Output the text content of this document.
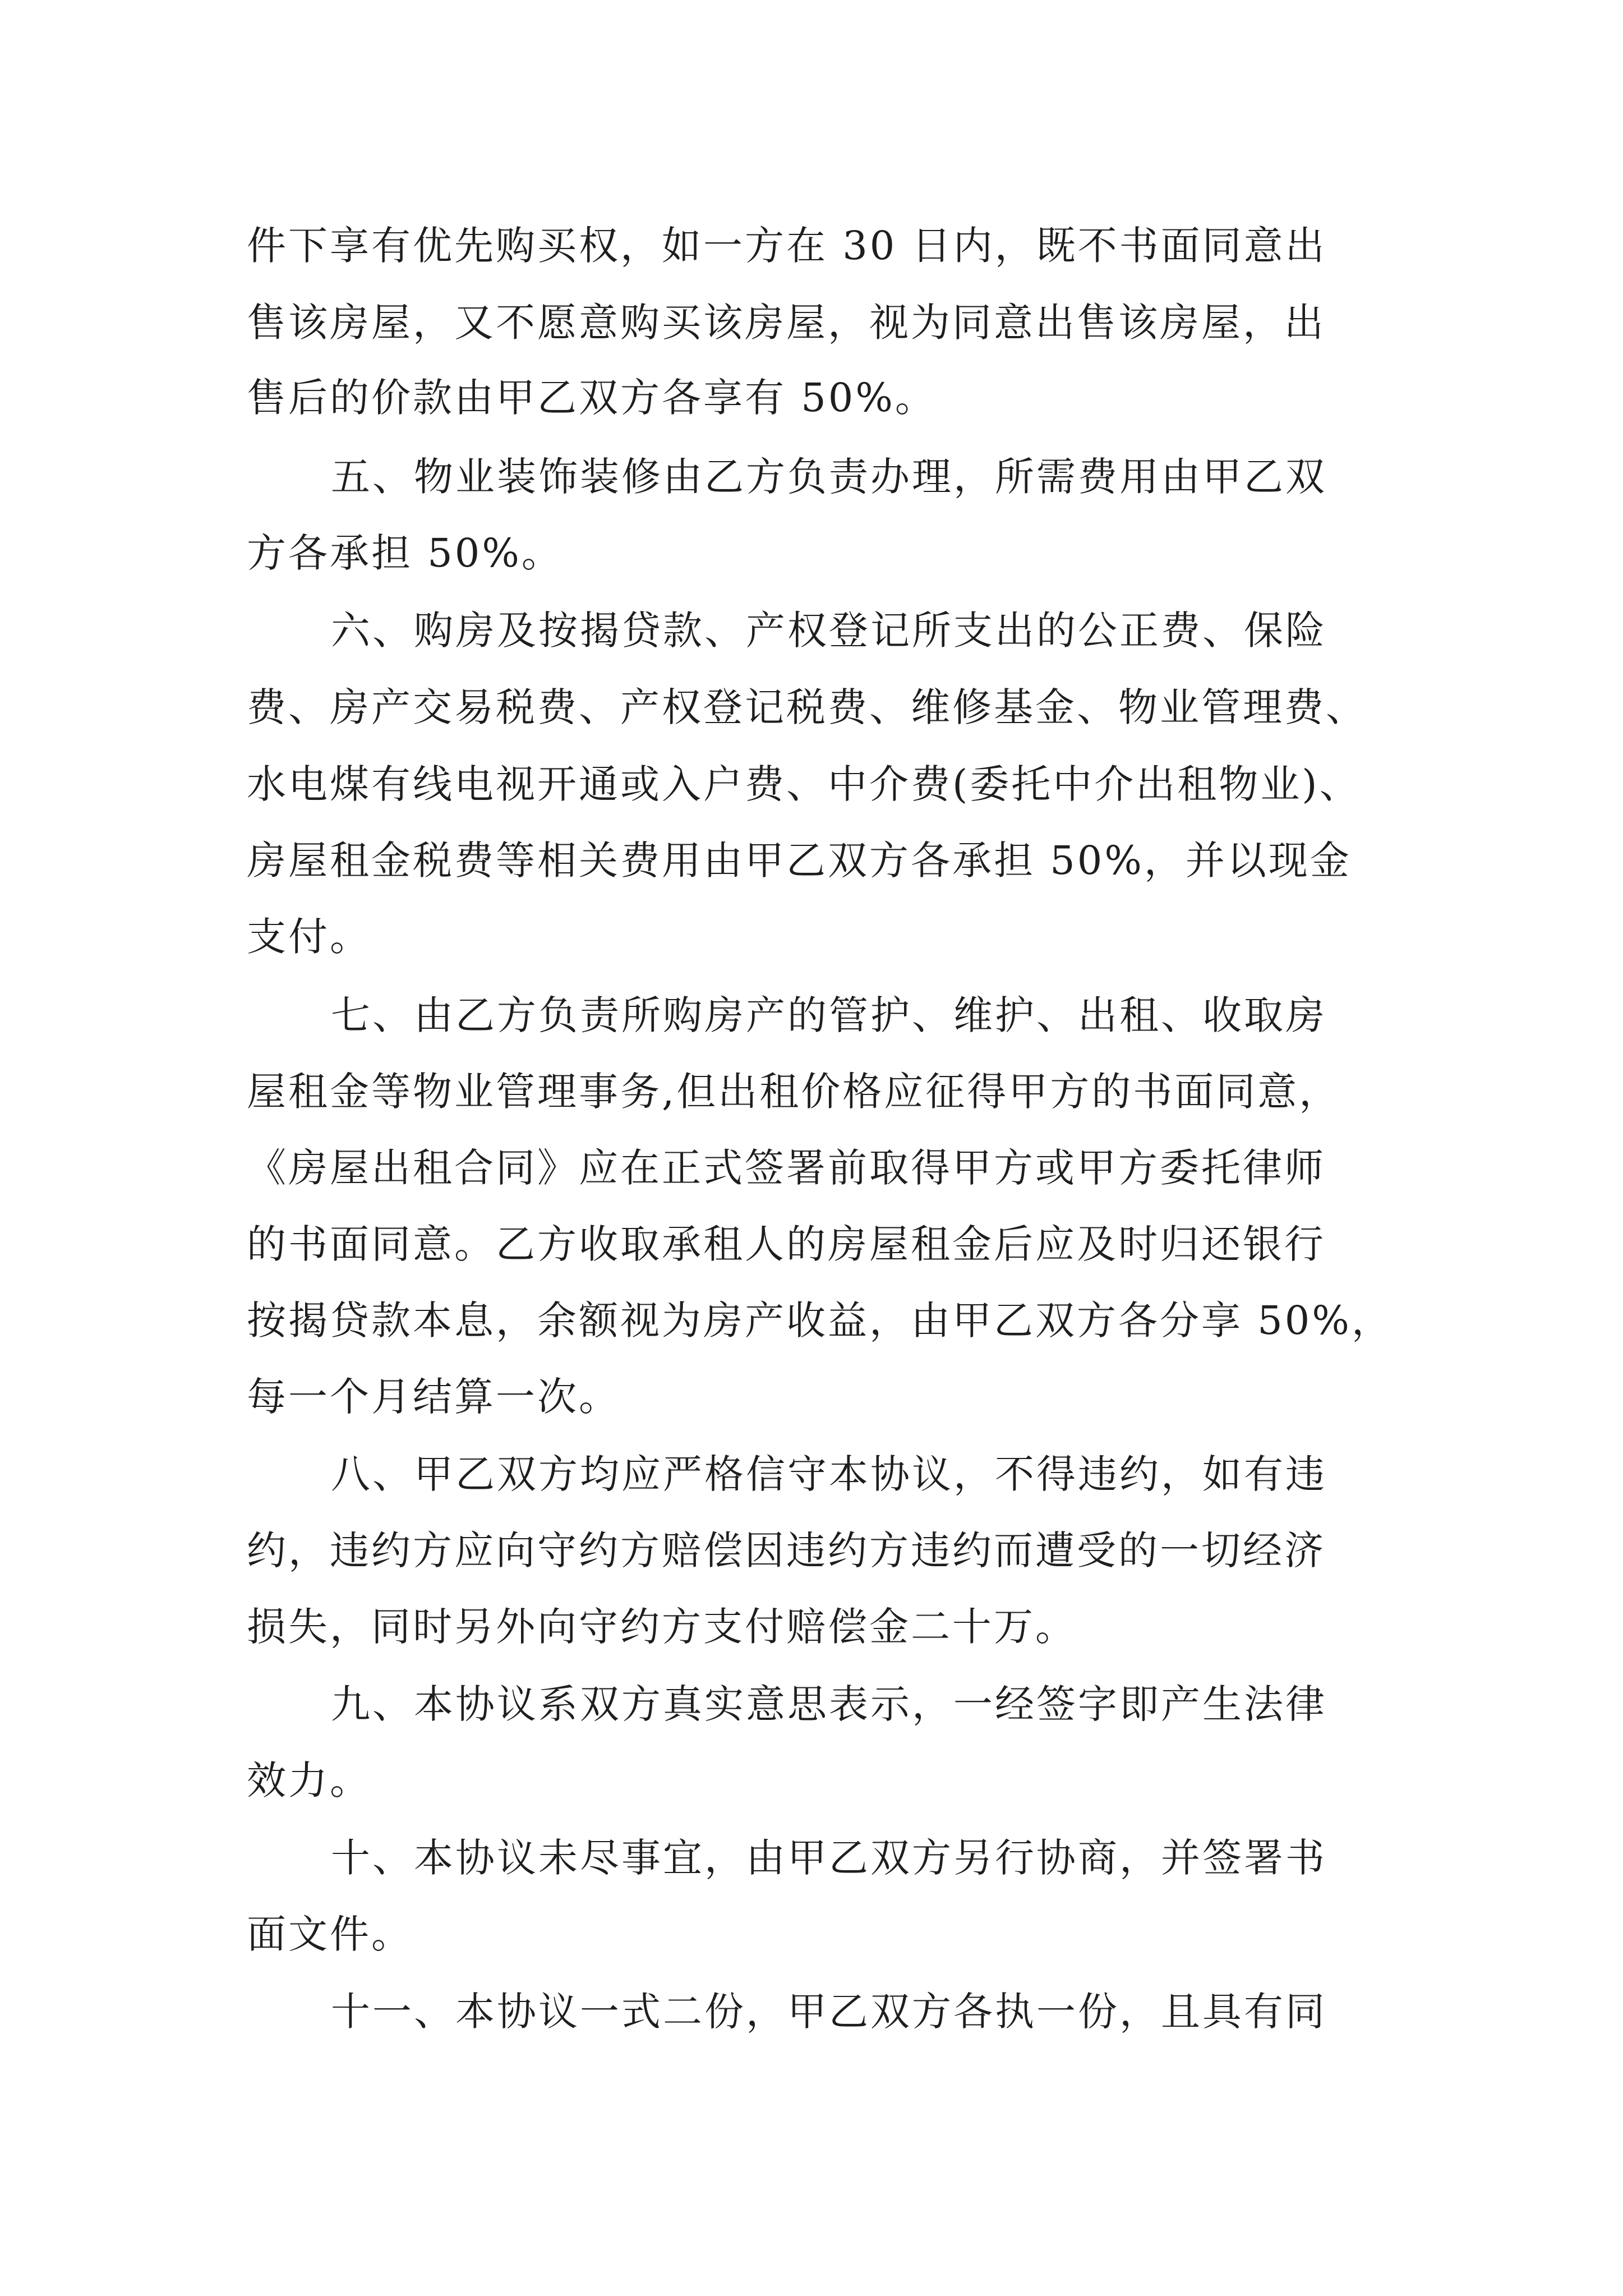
件下享有优先购买权，如一方在 30 日内，既不书面同意出
售该房屋，又不愿意购买该房屋，视为同意出售该房屋，出
售后的价款由甲乙双方各享有 50%。
五、物业装饰装修由乙方负责办理，所需费用由甲乙双
方各承担 50%。
六、购房及按揭贷款、产权登记所支出的公正费、保险
费、房产交易税费、产权登记税费、维修基金、物业管理费、
水电煤有线电视开通或入户费、中介费(委托中介出租物业)、
房屋租金税费等相关费用由甲乙双方各承担 50%，并以现金
支付。
七、由乙方负责所购房产的管护、维护、出租、收取房
屋租金等物业管理事务,但出租价格应征得甲方的书面同意，
《房屋出租合同》应在正式签署前取得甲方或甲方委托律师
的书面同意。乙方收取承租人的房屋租金后应及时归还银行
按揭贷款本息，余额视为房产收益，由甲乙双方各分享 50%，
每一个月结算一次。
八、甲乙双方均应严格信守本协议，不得违约，如有违
约，违约方应向守约方赔偿因违约方违约而遭受的一切经济
损失，同时另外向守约方支付赔偿金二十万。
九、本协议系双方真实意思表示，一经签字即产生法律
效力。
十、本协议未尽事宜，由甲乙双方另行协商，并签署书
面文件。
十一、本协议一式二份，甲乙双方各执一份，且具有同
